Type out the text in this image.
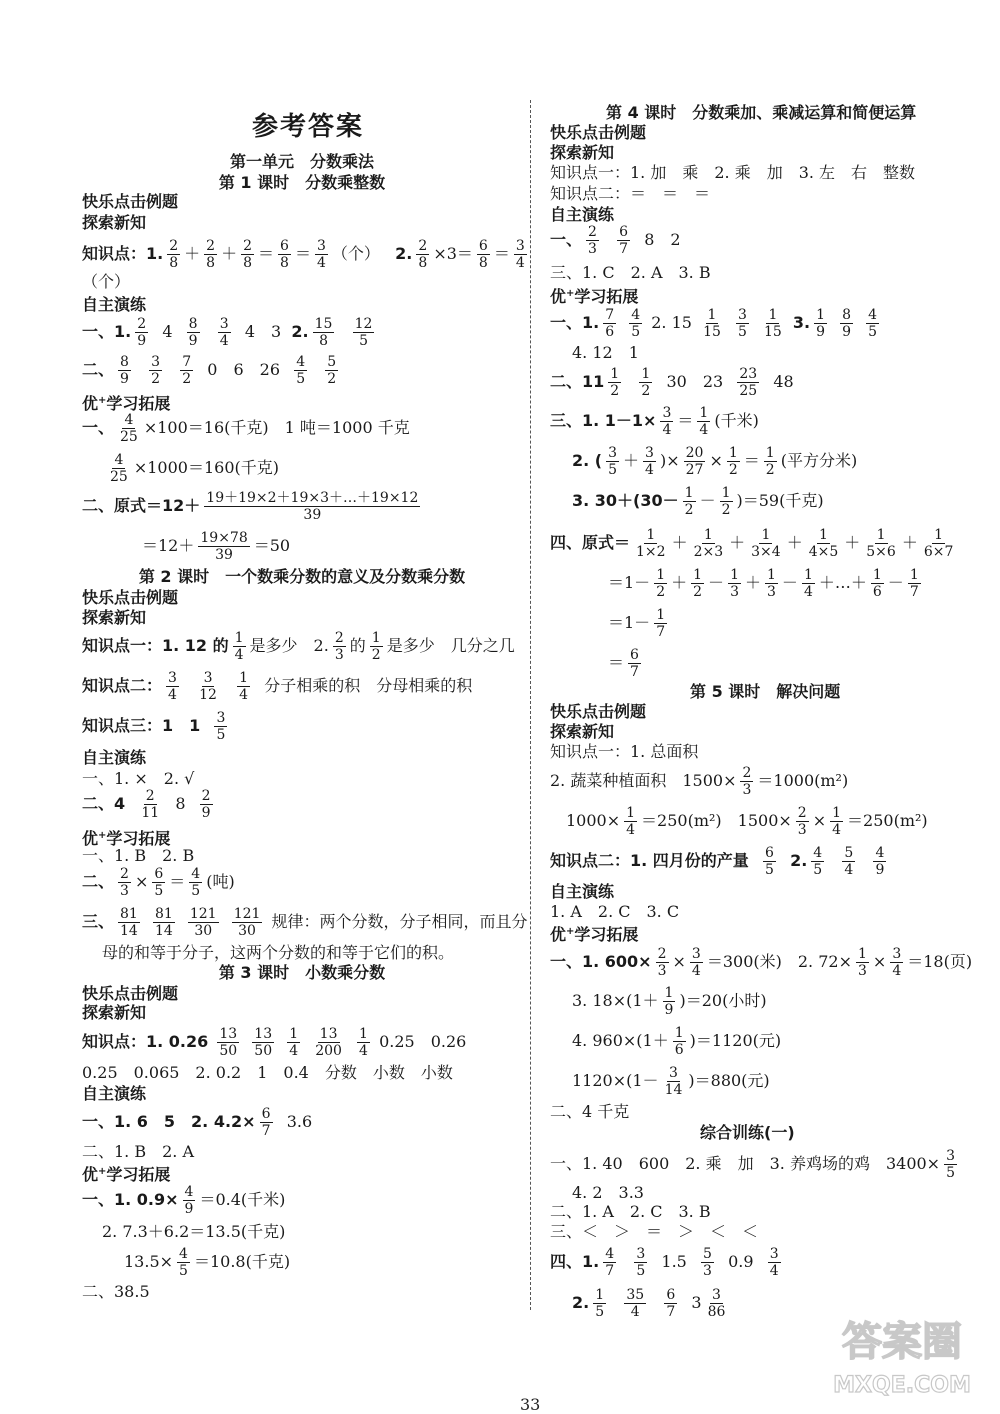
参考答案
第一单元　分数乘法
第 1 课时　分数乘整数
快乐点击例题
探索新知
知识点：1. $\frac{2}{8} + \frac{2}{8} + \frac{2}{8} = \frac{6}{8} = \frac{3}{4}$ （个） 2. $\frac{2}{8} \times 3= \frac{6}{8} = \frac{3}{4}$
（个）
自主演练
一、1. $\frac{2}{9} 4 \frac{8}{9}$
$\frac{3}{4} 4$　3 2. $\frac{15}{8}$
$\frac{12}{5}$
二、 $\frac{8}{9}$
$\frac{3}{2}$
$\frac{7}{2} 0$　6　$26 \frac{4}{5}$
$\frac{5}{2}$
优+学习拓展
一、 $\frac{4}{25} \times 100=16$(千克)　1 吨＝1000 千克
$\frac{4}{25} \times 1000=160$(千克)
二、原式$=12+ \frac{19+19\times 2+19\times 3+\dots+19\times 12}{39}$
$=12+ \frac{19\times 78}{39} =50$
第 2 课时　一个数乘分数的意义及分数乘分数
快乐点击例题
探索新知
知识点一：1. 12 的 $\frac{1}{4}$ 是多少　2. $\frac{2}{3}$ 的 $\frac{1}{2}$ 是多少　几分之几
知识点二： $\frac{3}{4}$
$\frac{3}{12}$
$\frac{1}{4}$ 分子相乘的积　分母相乘的积
知识点三：1　$1 \frac{3}{5}$
自主演练
一、1. ×　2. √
二、$4 \frac{2}{11} 8 \frac{2}{9}$
优+学习拓展
一、1. B　2. B
二、 $\frac{2}{3} \times \frac{6}{5} = \frac{4}{5}$ (吨)
三、 $\frac{81}{14}$
$\frac{81}{14}$
$\frac{121}{30}$
$\frac{121}{30}$ 规律：两个分数，分子相同，而且分
母的和等于分子，这两个分数的和等于它们的积。
第 3 课时　小数乘分数
快乐点击例题
探索新知
知识点：1. $0.26 \frac{13}{50}$
$\frac{13}{50}$
$\frac{1}{4}$
$\frac{13}{200}$
$\frac{1}{4} 0.25$　0.26
0.25　0.065　2. 0.2　1　0.4　分数　小数　小数
自主演练
一、1. 6　5　2. $4.2\times \frac{6}{7} 3.6$
二、1. B　2. A
优+学习拓展
一、1. $0.9\times \frac{4}{9} =0.4$(千米)
2. 7.3＋6.2＝13.5(千克)
$13.5\times \frac{4}{5} =10.8$(千克)
二、38.5
第 4 课时　分数乘加、乘减运算和简便运算
快乐点击例题
探索新知
知识点一：1. 加　乘　2. 乘　加　3. 左　右　整数
知识点二：＝　＝　＝
自主演练
一、 $\frac{2}{3}$
$\frac{6}{7} 8$　2
三、1. C　2. A　3. B
优+学习拓展
一、1. $\frac{7}{6}$
$\frac{4}{5} 2$. $15 \frac{1}{15}$
$\frac{3}{5}$
$\frac{1}{15} 3$. $\frac{1}{9}$
$\frac{8}{9}$
$\frac{4}{5}$
4. 12　1
二、$11 \frac{1}{2}$
$\frac{1}{2} 30$　$23 \frac{23}{25} 48$
三、1. $1-1\times \frac{3}{4} = \frac{1}{4}$ (千米)
2. ( $\frac{3}{5} + \frac{3}{4}$ )× $\frac{20}{27} \times \frac{1}{2} = \frac{1}{2}$ (平方分米)
3. $30+(30- \frac{1}{2} - \frac{1}{2} )=59$(千克)
四、原式＝ $\frac{1}{1\times 2} + \frac{1}{2\times 3} + \frac{1}{3\times 4} + \frac{1}{4\times 5} + \frac{1}{5\times 6} + \frac{1}{6\times 7}$
$=1- \frac{1}{2} + \frac{1}{2} - \frac{1}{3} + \frac{1}{3} - \frac{1}{4}$ ＋…＋ $\frac{1}{6} - \frac{1}{7}$
$=1- \frac{1}{7}$
＝ $\frac{6}{7}$
第 5 课时　解决问题
快乐点击例题
探索新知
知识点一：1. 总面积
2. 蔬菜种植面积　$1500\times \frac{2}{3} =1000(m^2)$
$1000\times \frac{1}{4} =250(m^2)$　$1500\times \frac{2}{3} \times \frac{1}{4} =250(m^2)$
知识点二：1. 四月份的产量 $\frac{6}{5} 2$. $\frac{4}{5}$
$\frac{5}{4}$
$\frac{4}{9}$
自主演练
1. A　2. C　3. C
优+学习拓展
一、1. $600\times \frac{2}{3} \times \frac{3}{4} =300$(米)　2. $72\times \frac{1}{3} \times \frac{3}{4} =18$(页)
3. $18\times(1+ \frac{1}{9} )=20$(小时)
4. $960\times(1+ \frac{1}{6} )=1120$(元)
$1120\times(1- \frac{3}{14} )=880$(元)
二、4 千克
综合训练(一)
一、1. 40　600　2. 乘　加　3. 养鸡场的鸡　$3400\times \frac{3}{5}$
4. 2　3.3
二、1. A　2. C　3. B
三、＜　＞　＝　＞　＜　＜
四、1. $\frac{4}{7}$
$\frac{3}{5} 1.5 \frac{5}{3} 0.9 \frac{3}{4}$
2. $\frac{1}{5}$
$\frac{35}{4}$
$\frac{6}{7} 3 \frac{3}{86}$
33
答案圈
MXQE.COM
